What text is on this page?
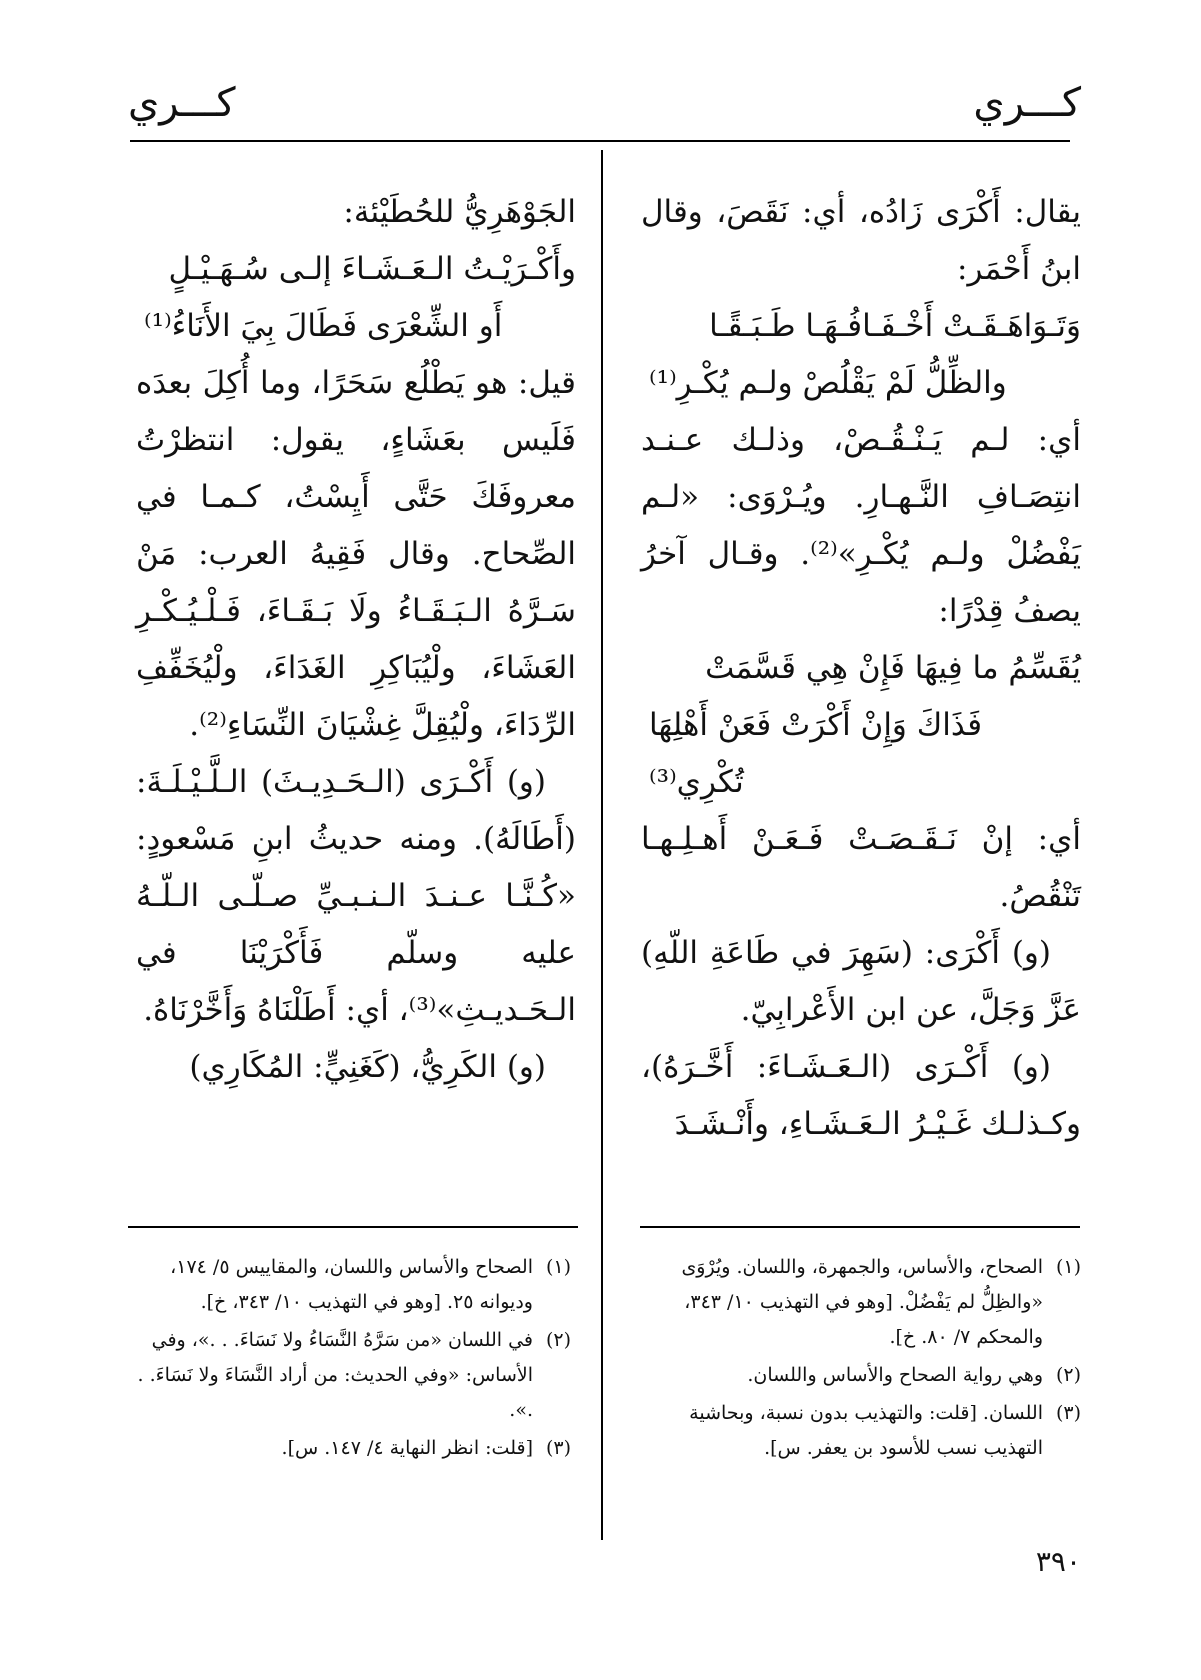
كـــري
كـــري

يقال: أَكْرَى زَادُه، أي: نَقَصَ، وقال ابنُ أَحْمَر:

وَتَـوَاهَـقَـتْ أَخْـفَـافُـهَـا طَـبَـقًـا

والظِّلُّ لَمْ يَقْلُصْ ولـم يُكْـرِ⁽¹⁾

أي: لـم يَـنْـقُـصْ، وذلـك عـنـد انتِصَـافِ النَّـهـارِ. ويُـرْوَى: «لـم يَفْضُلْ ولـم يُكْـرِ»⁽²⁾. وقـال آخرُ يصفُ قِدْرًا:

يُقَسِّمُ ما فِيهَا فَإِنْ هِي قَسَّمَتْ

فَذَاكَ وَإِنْ أَكْرَتْ فَعَنْ أَهْلِهَا تُكْرِي⁽³⁾

أي: إنْ نَـقَـصَـتْ فَـعَـنْ أَهـلِـهـا تَنْقُصُ.

(و) أَكْرَى: (سَهِرَ في طَاعَةِ اللّهِ) عَزَّ وَجَلَّ، عن ابن الأَعْرابِيّ.

(و) أَكْـرَى (الـعَـشَـاءَ: أَخَّـرَهُ)، وكـذلـك غَـيْـرُ الـعَـشَـاءِ، وأَنْـشَـدَ

الجَوْهَرِيُّ للحُطَيْئة:

وأَكْـرَيْـتُ الـعَـشَـاءَ إلـى سُـهَـيْـلٍ

أَو الشِّعْرَى فَطَالَ بِيَ الأَنَاءُ⁽¹⁾

قيل: هو يَطْلُع سَحَرًا، وما أُكِلَ بعدَه فَلَيس بعَشَاءٍ، يقول: انتظرْتُ معروفَكَ حَتَّى أَيِسْتُ، كـمـا في الصِّحاح. وقال فَقِيهُ العرب: مَنْ سَـرَّهُ الـبَـقَـاءُ ولَا بَـقَـاءَ، فَـلْـيُـكْـرِ العَشَاءَ، ولْيُبَاكِرِ الغَدَاءَ، ولْيُخَفِّفِ الرِّدَاءَ، ولْيُقِلَّ غِشْيَانَ النِّسَاءِ⁽²⁾.

(و) أَكْـرَى (الـحَـدِيـثَ) الـلَّـيْـلَـةَ: (أَطَالَهُ). ومنه حديثُ ابنِ مَسْعودٍ: «كُـنَّـا عـنـدَ الـنـبـيِّ صـلّـى الـلّـهُ عليه وسلّم فَأَكْرَيْنَا في الـحَـديـثِ»⁽³⁾، أي: أَطَلْنَاهُ وَأَخَّرْنَاهُ.

(و) الكَرِيُّ، (كَغَنِيٍّ: المُكَارِي)

(١)
الصحاح، والأساس، والجمهرة، واللسان. ويُرْوَى «والظِلُّ لم يَفْضُلْ. [وهو في التهذيب ١٠/ ٣٤٣، والمحكم ٧/ ٨٠. خ].
(٢)
وهي رواية الصحاح والأساس واللسان.
(٣)
اللسان. [قلت: والتهذيب بدون نسبة، وبحاشية التهذيب نسب للأسود بن يعفر. س].
(١)
الصحاح والأساس واللسان، والمقاييس ٥/ ١٧٤، وديوانه ٢٥. [وهو في التهذيب ١٠/ ٣٤٣، خ].
(٢)
في اللسان «من سَرَّهُ النَّسَاءُ ولا نَسَاءَ. . .»، وفي الأساس: «وفي الحديث: من أراد النَّسَاءَ ولا نَسَاءَ. . .».
(٣)
[قلت: انظر النهاية ٤/ ١٤٧. س].
٣٩٠
